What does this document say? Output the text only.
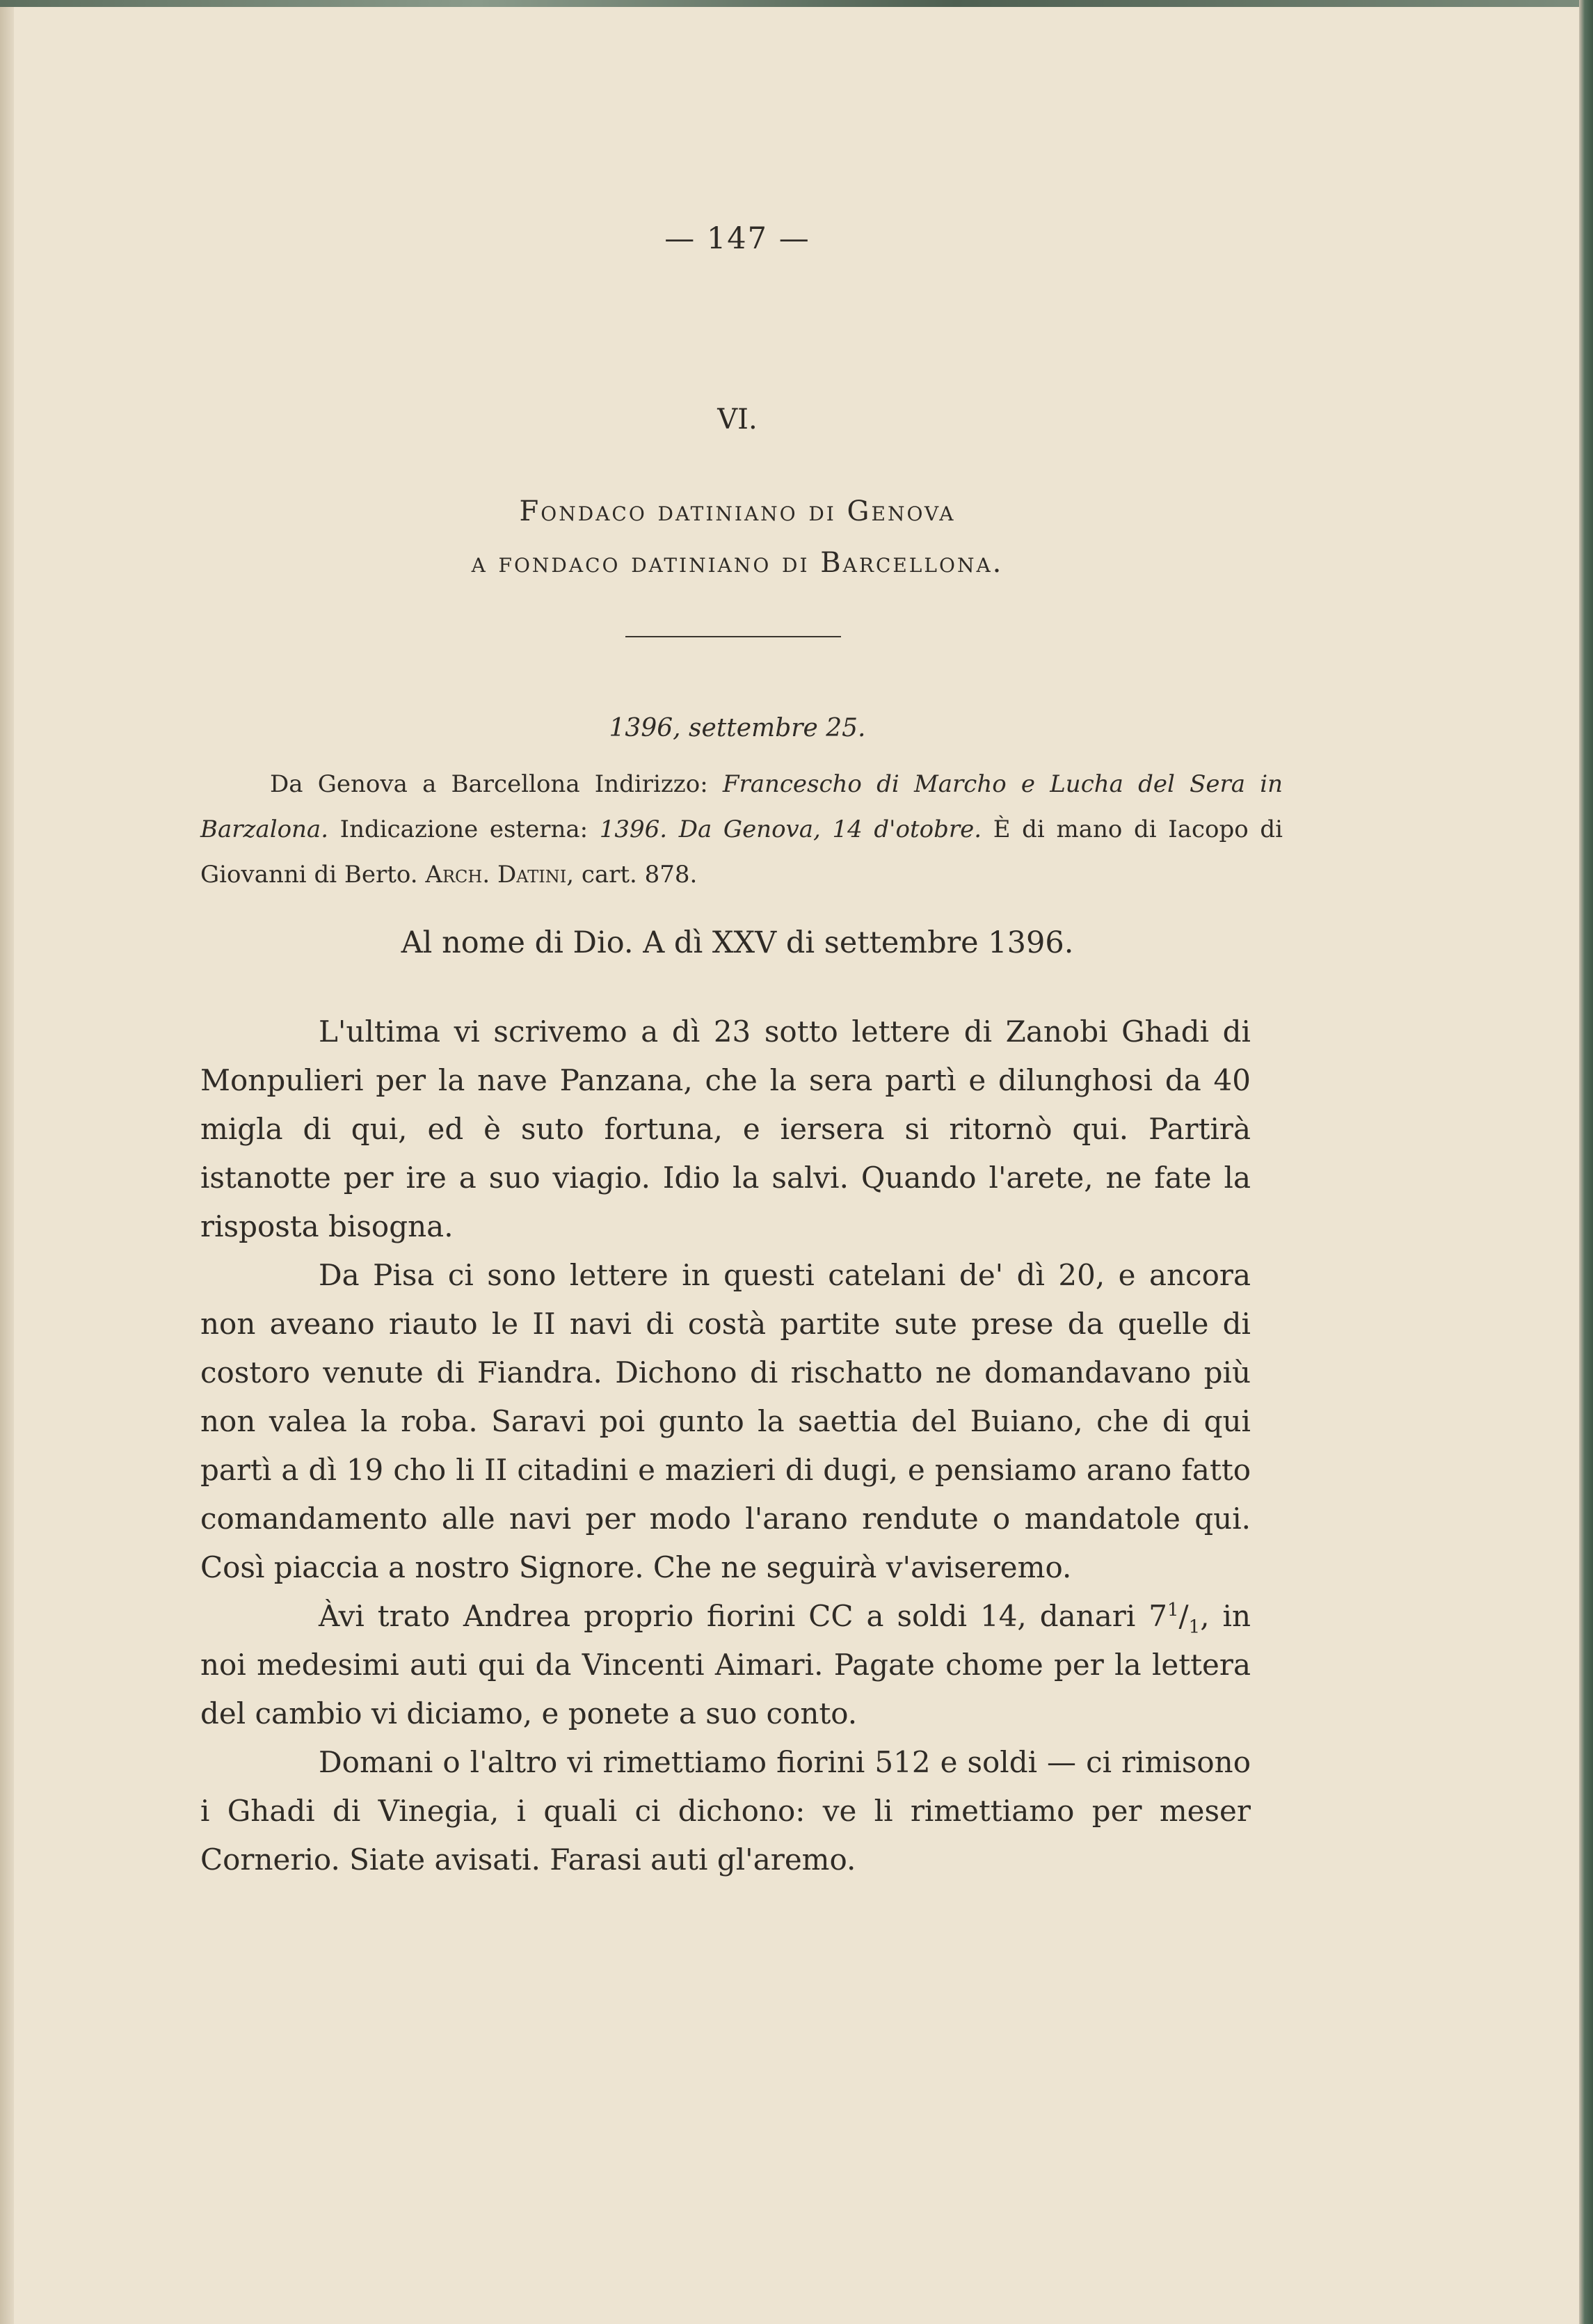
— 147 —
VI.
Fondaco datiniano di Genova
a fondaco datiniano di Barcellona.
1396, settembre 25.

Da Genova a Barcellona Indirizzo: Francescho di Marcho e Lucha del Sera in Barzalona. Indicazione esterna: 1396. Da Genova, 14 d'otobre. È di mano di Iacopo di Giovanni di Berto. Arch. Datini, cart. 878.

Al nome di Dio. A dì XXV di settembre 1396.

L'ultima vi scrivemo a dì 23 sotto lettere di Zanobi Ghadi di Monpulieri per la nave Panzana, che la sera partì e dilunghosi da 40 migla di qui, ed è suto fortuna, e iersera si ritornò qui. Partirà istanotte per ire a suo viagio. Idio la salvi. Quando l'arete, ne fate la risposta bisogna.

Da Pisa ci sono lettere in questi catelani de' dì 20, e ancora non aveano riauto le II navi di costà partite sute prese da quelle di costoro venute di Fiandra. Dichono di rischatto ne domandavano più non valea la roba. Saravi poi gunto la saettia del Buiano, che di qui partì a dì 19 cho li II citadini e mazieri di dugi, e pensiamo arano fatto comandamento alle navi per modo l'arano rendute o mandatole qui. Così piaccia a nostro Signore. Che ne seguirà v'aviseremo.

Àvi trato Andrea proprio fiorini CC a soldi 14, danari $7^1/_1$, in noi medesimi auti qui da Vincenti Aimari. Pagate chome per la lettera del cambio vi diciamo, e ponete a suo conto.

Domani o l'altro vi rimettiamo fiorini 512 e soldi — ci rimisono i Ghadi di Vinegia, i quali ci dichono: ve li rimettiamo per meser Cornerio. Siate avisati. Farasi auti gl'aremo.
